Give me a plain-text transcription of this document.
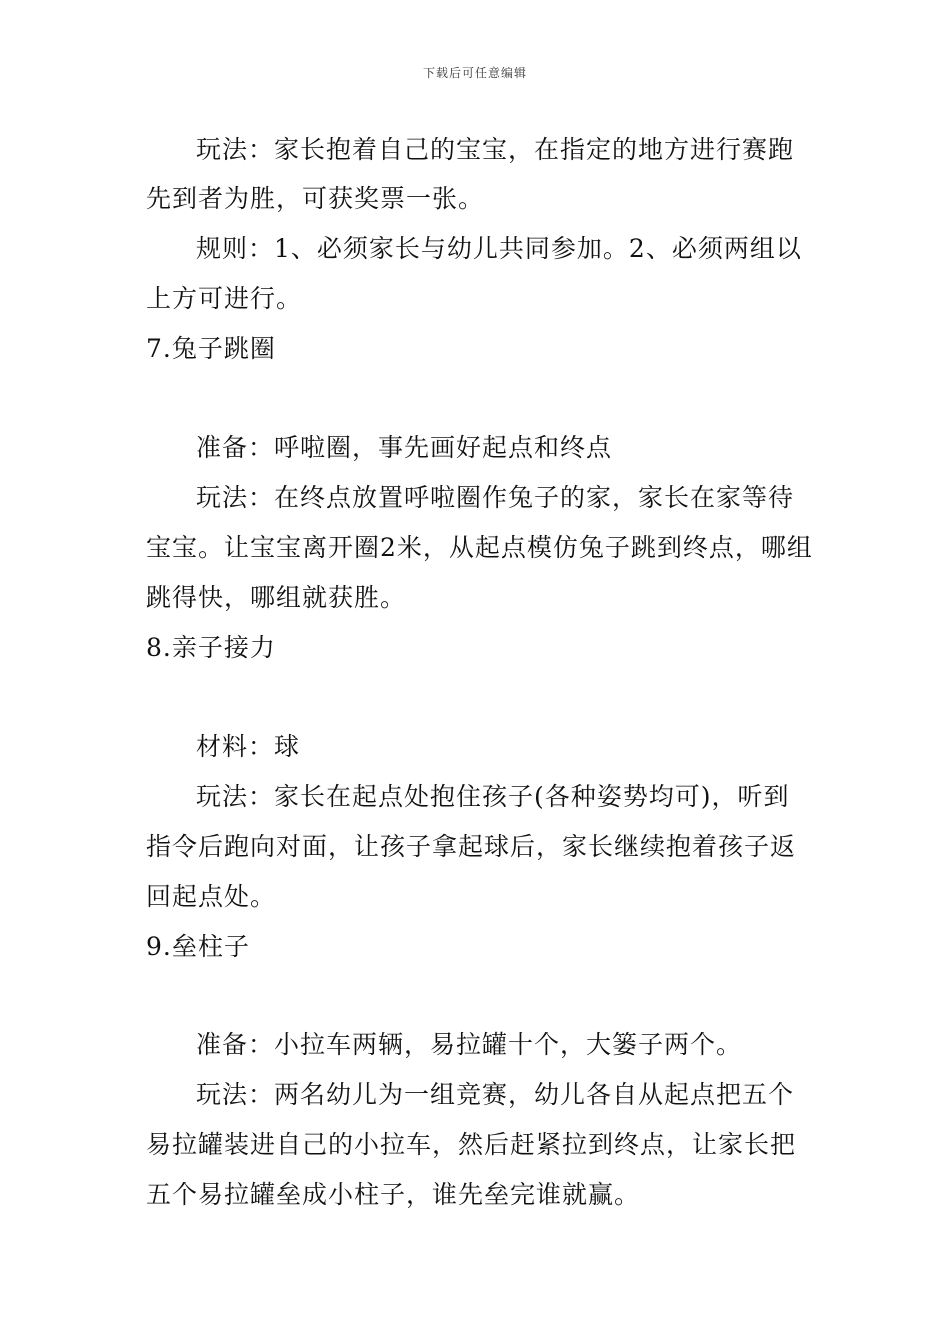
下载后可任意编辑
玩法：家长抱着自己的宝宝，在指定的地方进行赛跑
先到者为胜，可获奖票一张。
规则：1、必须家长与幼儿共同参加。2、必须两组以
上方可进行。
7.兔子跳圈
准备：呼啦圈，事先画好起点和终点
玩法：在终点放置呼啦圈作兔子的家，家长在家等待
宝宝。让宝宝离开圈2米，从起点模仿兔子跳到终点，哪组
跳得快，哪组就获胜。
8.亲子接力
材料：球
玩法：家长在起点处抱住孩子(各种姿势均可)，听到
指令后跑向对面，让孩子拿起球后，家长继续抱着孩子返
回起点处。
9.垒柱子
准备：小拉车两辆，易拉罐十个，大篓子两个。
玩法：两名幼儿为一组竞赛，幼儿各自从起点把五个
易拉罐装进自己的小拉车，然后赶紧拉到终点，让家长把
五个易拉罐垒成小柱子，谁先垒完谁就赢。
